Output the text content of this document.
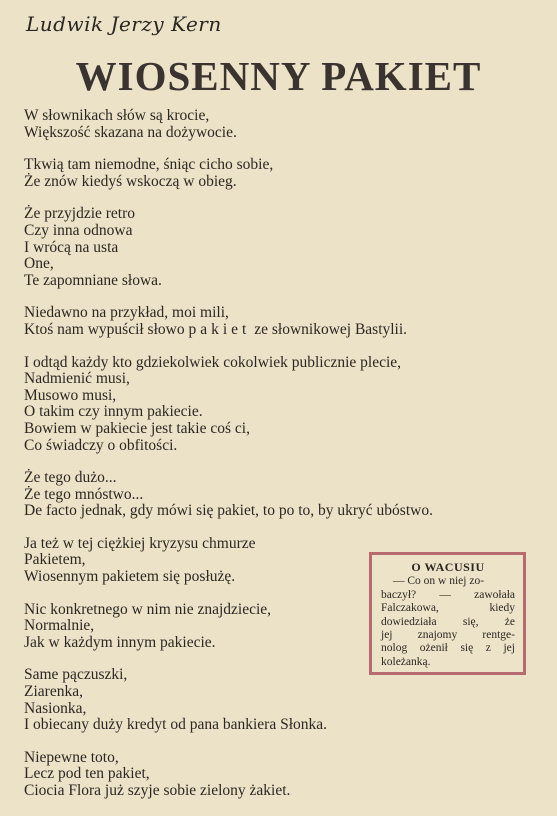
Ludwik Jerzy Kern
WIOSENNY PAKIET
W słownikach słów są krocie,
Większość skazana na dożywocie.
Tkwią tam niemodne, śniąc cicho sobie,
Że znów kiedyś wskoczą w obieg.
Że przyjdzie retro
Czy inna odnowa
I wrócą na usta
One,
Te zapomniane słowa.
Niedawno na przykład, moi mili,
Ktoś nam wypuścił słowo pakiet ze słownikowej Bastylii.
I odtąd każdy kto gdziekolwiek cokolwiek publicznie plecie,
Nadmienić musi,
Musowo musi,
O takim czy innym pakiecie.
Bowiem w pakiecie jest takie coś ci,
Co świadczy o obfitości.
Że tego dużo...
Że tego mnóstwo...
De facto jednak, gdy mówi się pakiet, to po to, by ukryć ubóstwo.
Ja też w tej ciężkiej kryzysu chmurze
Pakietem,
Wiosennym pakietem się posłużę.
Nic konkretnego w nim nie znajdziecie,
Normalnie,
Jak w każdym innym pakiecie.
Same pączuszki,
Ziarenka,
Nasionka,
I obiecany duży kredyt od pana bankiera Słonka.
Niepewne toto,
Lecz pod ten pakiet,
Ciocia Flora już szyje sobie zielony żakiet.
O WACUSIU
— Co on w niej zo-
baczył? — zawołała
Falczakowa,	kiedy
dowiedziała się, że
jej znajomy rentge-
nolog ożenił się z jej
koleżanką.
